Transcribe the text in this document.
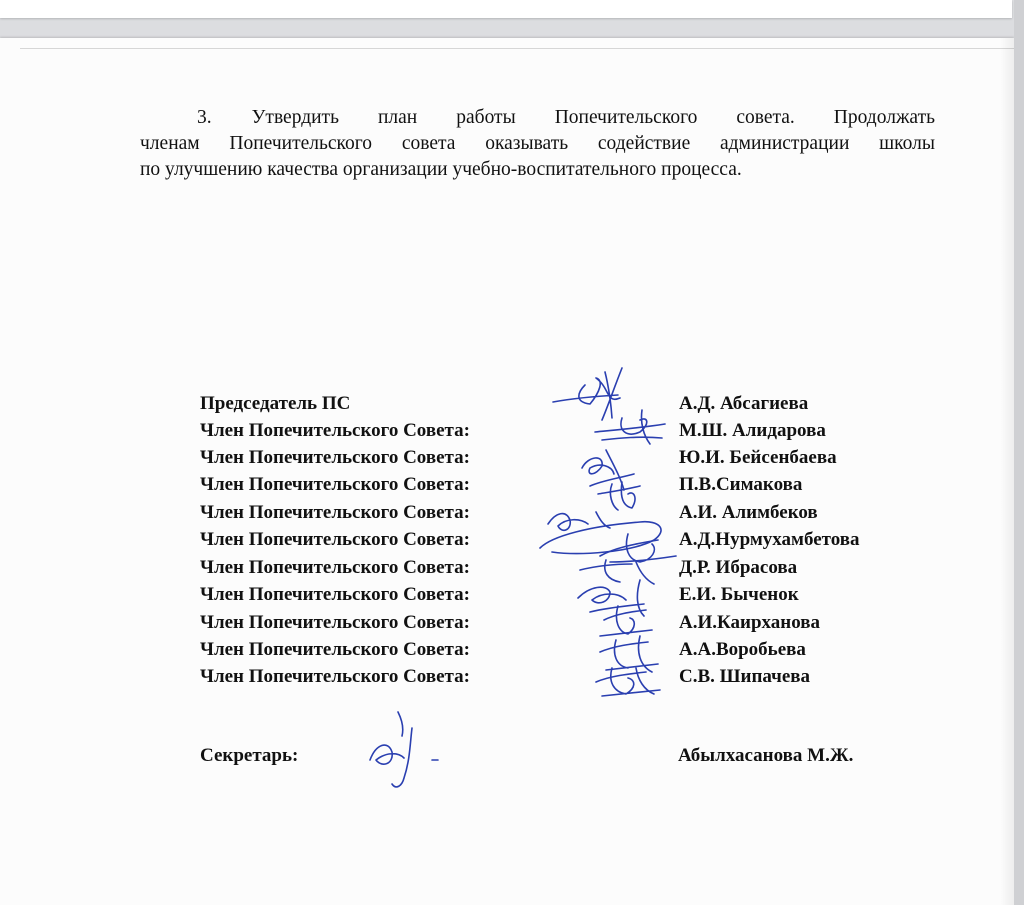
3. Утвердить план работы Попечительского совета. Продолжать
членам Попечительского совета оказывать содействие администрации школы
по улучшению качества организации учебно-воспитательного процесса.
Председатель ПС	А.Д. Абсагиева
Член Попечительского Совета:	М.Ш. Алидарова
Член Попечительского Совета:	Ю.И. Бейсенбаева
Член Попечительского Совета:	П.В.Симакова
Член Попечительского Совета:	А.И. Алимбеков
Член Попечительского Совета:	А.Д.Нурмухамбетова
Член Попечительского Совета:	Д.Р. Ибрасова
Член Попечительского Совета:	Е.И. Быченок
Член Попечительского Совета:	А.И.Каирханова
Член Попечительского Совета:	А.А.Воробьева
Член Попечительского Совета:	С.В. Шипачева
Секретарь:	Абылхасанова М.Ж.
